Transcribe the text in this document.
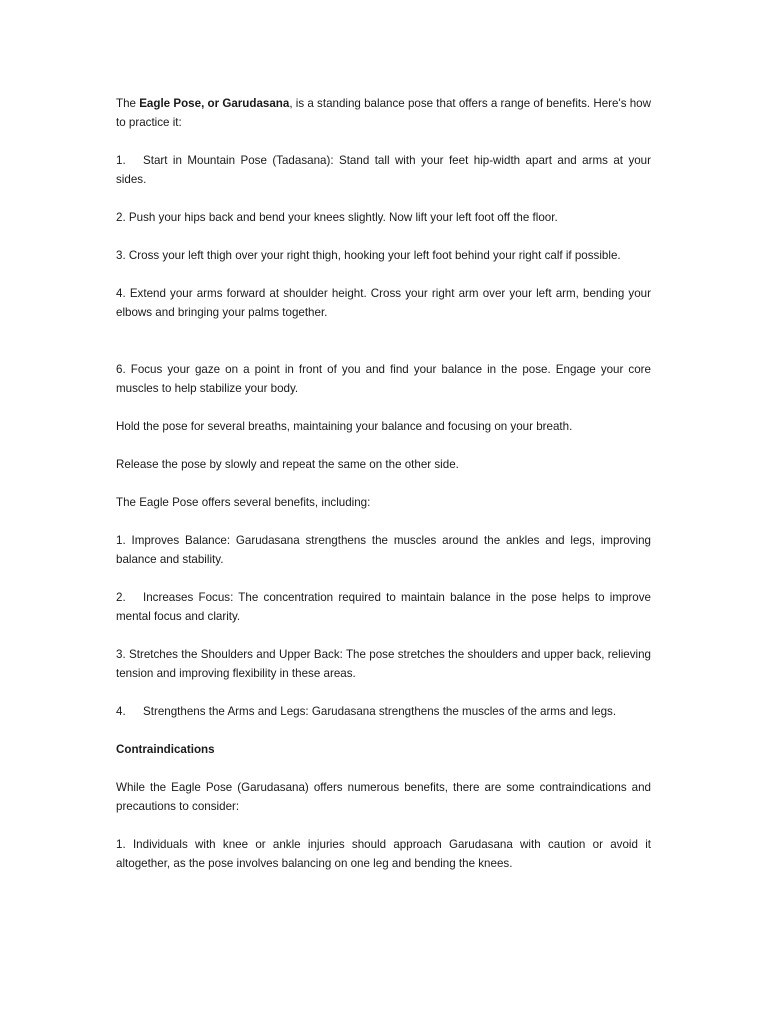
The Eagle Pose, or Garudasana, is a standing balance pose that offers a range of benefits. Here's how to practice it:

1. Start in Mountain Pose (Tadasana): Stand tall with your feet hip-width apart and arms at your sides.

2. Push your hips back and bend your knees slightly. Now lift your left foot off the floor.

3. Cross your left thigh over your right thigh, hooking your left foot behind your right calf if possible.

4. Extend your arms forward at shoulder height. Cross your right arm over your left arm, bending your elbows and bringing your palms together.

6. Focus your gaze on a point in front of you and find your balance in the pose. Engage your core muscles to help stabilize your body.

Hold the pose for several breaths, maintaining your balance and focusing on your breath.

Release the pose by slowly and repeat the same on the other side.

The Eagle Pose offers several benefits, including:

1. Improves Balance: Garudasana strengthens the muscles around the ankles and legs, improving balance and stability.

2. Increases Focus: The concentration required to maintain balance in the pose helps to improve mental focus and clarity.

3. Stretches the Shoulders and Upper Back: The pose stretches the shoulders and upper back, relieving tension and improving flexibility in these areas.

4. Strengthens the Arms and Legs: Garudasana strengthens the muscles of the arms and legs.

Contraindications

While the Eagle Pose (Garudasana) offers numerous benefits, there are some contraindications and precautions to consider:

1. Individuals with knee or ankle injuries should approach Garudasana with caution or avoid it altogether, as the pose involves balancing on one leg and bending the knees.
